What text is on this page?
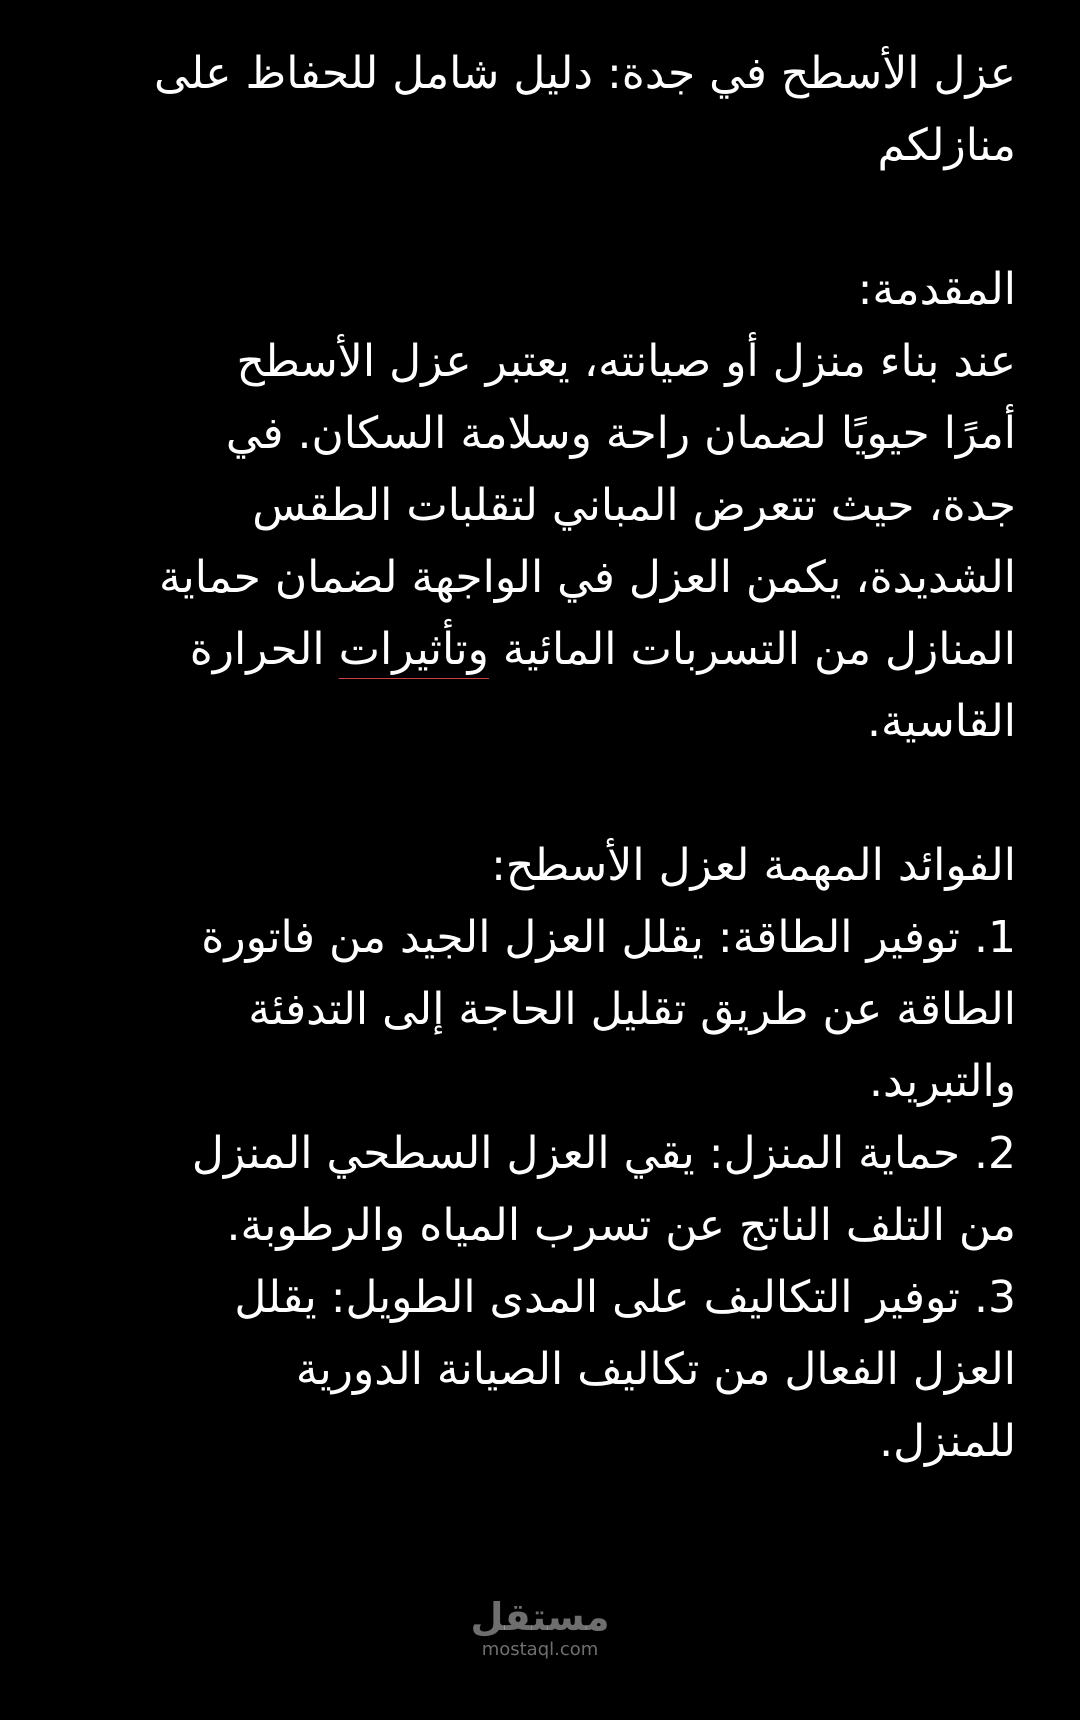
عزل الأسطح في جدة: دليل شامل للحفاظ على

منازلكم

المقدمة:

عند بناء منزل أو صيانته، يعتبر عزل الأسطح

أمرًا حيويًا لضمان راحة وسلامة السكان. في

جدة، حيث تتعرض المباني لتقلبات الطقس

الشديدة، يكمن العزل في الواجهة لضمان حماية

المنازل من التسربات المائية وتأثيرات الحرارة

القاسية.

الفوائد المهمة لعزل الأسطح:

1. توفير الطاقة: يقلل العزل الجيد من فاتورة

الطاقة عن طريق تقليل الحاجة إلى التدفئة

والتبريد.

2. حماية المنزل: يقي العزل السطحي المنزل

من التلف الناتج عن تسرب المياه والرطوبة.

3. توفير التكاليف على المدى الطويل: يقلل

العزل الفعال من تكاليف الصيانة الدورية

للمنزل.

مستقل
mostaql.com
